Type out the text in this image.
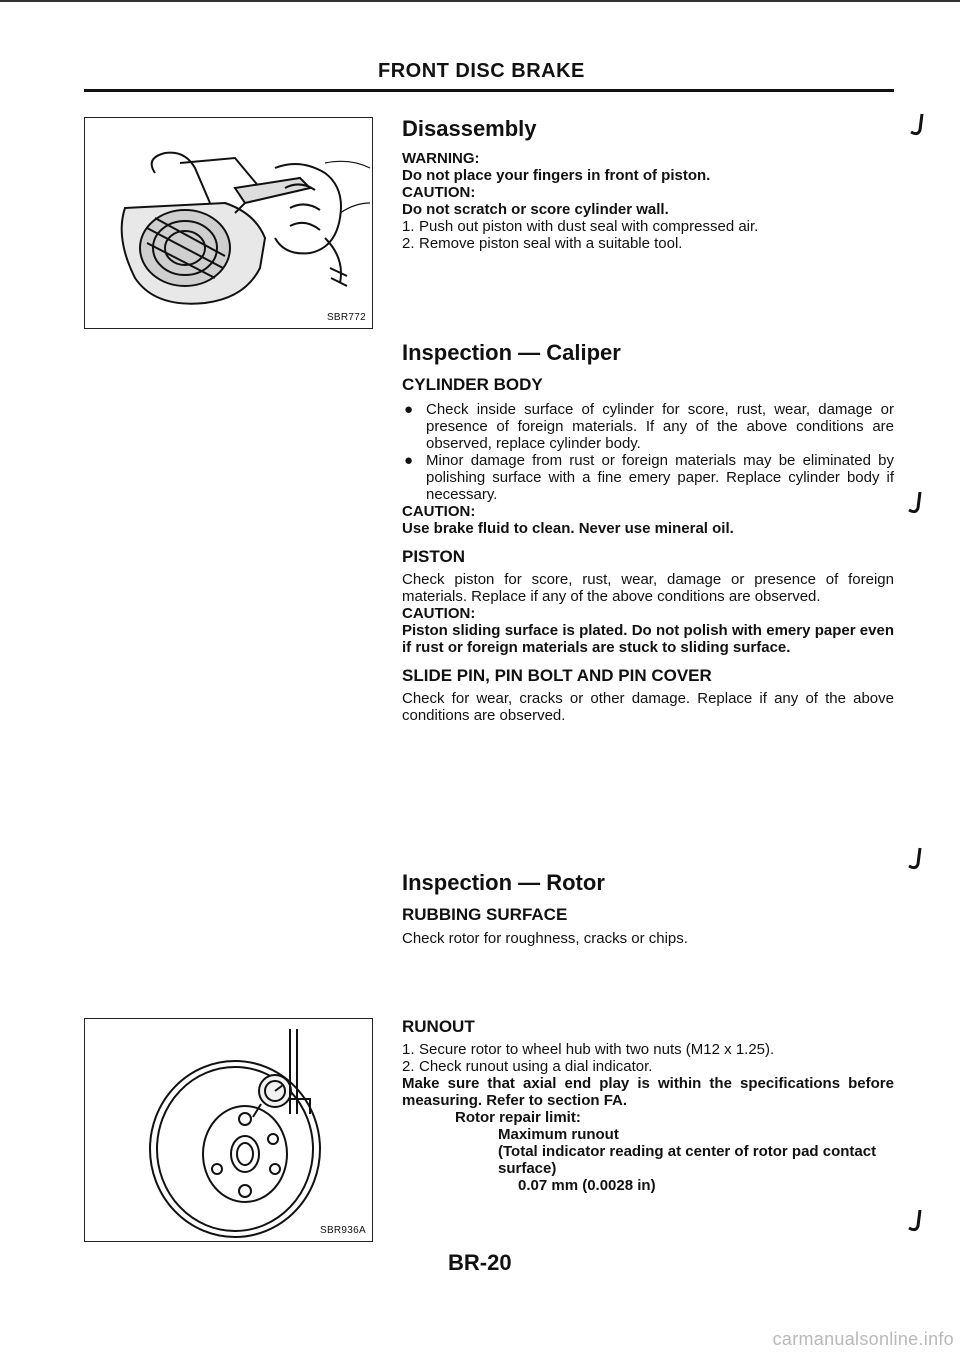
FRONT DISC BRAKE
SBR772
SBR936A
Disassembly

WARNING:

Do not place your fingers in front of piston.

CAUTION:

Do not scratch or score cylinder wall.

1. Push out piston with dust seal with compressed air.
2. Remove piston seal with a suitable tool.
Inspection — Caliper
CYLINDER BODY
● Check inside surface of cylinder for score, rust, wear, damage or presence of foreign materials. If any of the above conditions are observed, replace cylinder body.
● Minor damage from rust or foreign materials may be eliminated by polishing surface with a fine emery paper. Replace cylinder body if necessary.

CAUTION:

Use brake fluid to clean. Never use mineral oil.

PISTON

Check piston for score, rust, wear, damage or presence of foreign materials. Replace if any of the above conditions are observed.

CAUTION:

Piston sliding surface is plated. Do not polish with emery paper even if rust or foreign materials are stuck to sliding surface.

SLIDE PIN, PIN BOLT AND PIN COVER

Check for wear, cracks or other damage. Replace if any of the above conditions are observed.

Inspection — Rotor
RUBBING SURFACE

Check rotor for roughness, cracks or chips.

RUNOUT
1. Secure rotor to wheel hub with two nuts (M12 x 1.25).
2. Check runout using a dial indicator.

Make sure that axial end play is within the specifications before measuring. Refer to section FA.

Rotor repair limit:

Maximum runout

(Total indicator reading at center of rotor pad contact surface)

0.07 mm (0.0028 in)

BR-20
carmanualsonline.info
